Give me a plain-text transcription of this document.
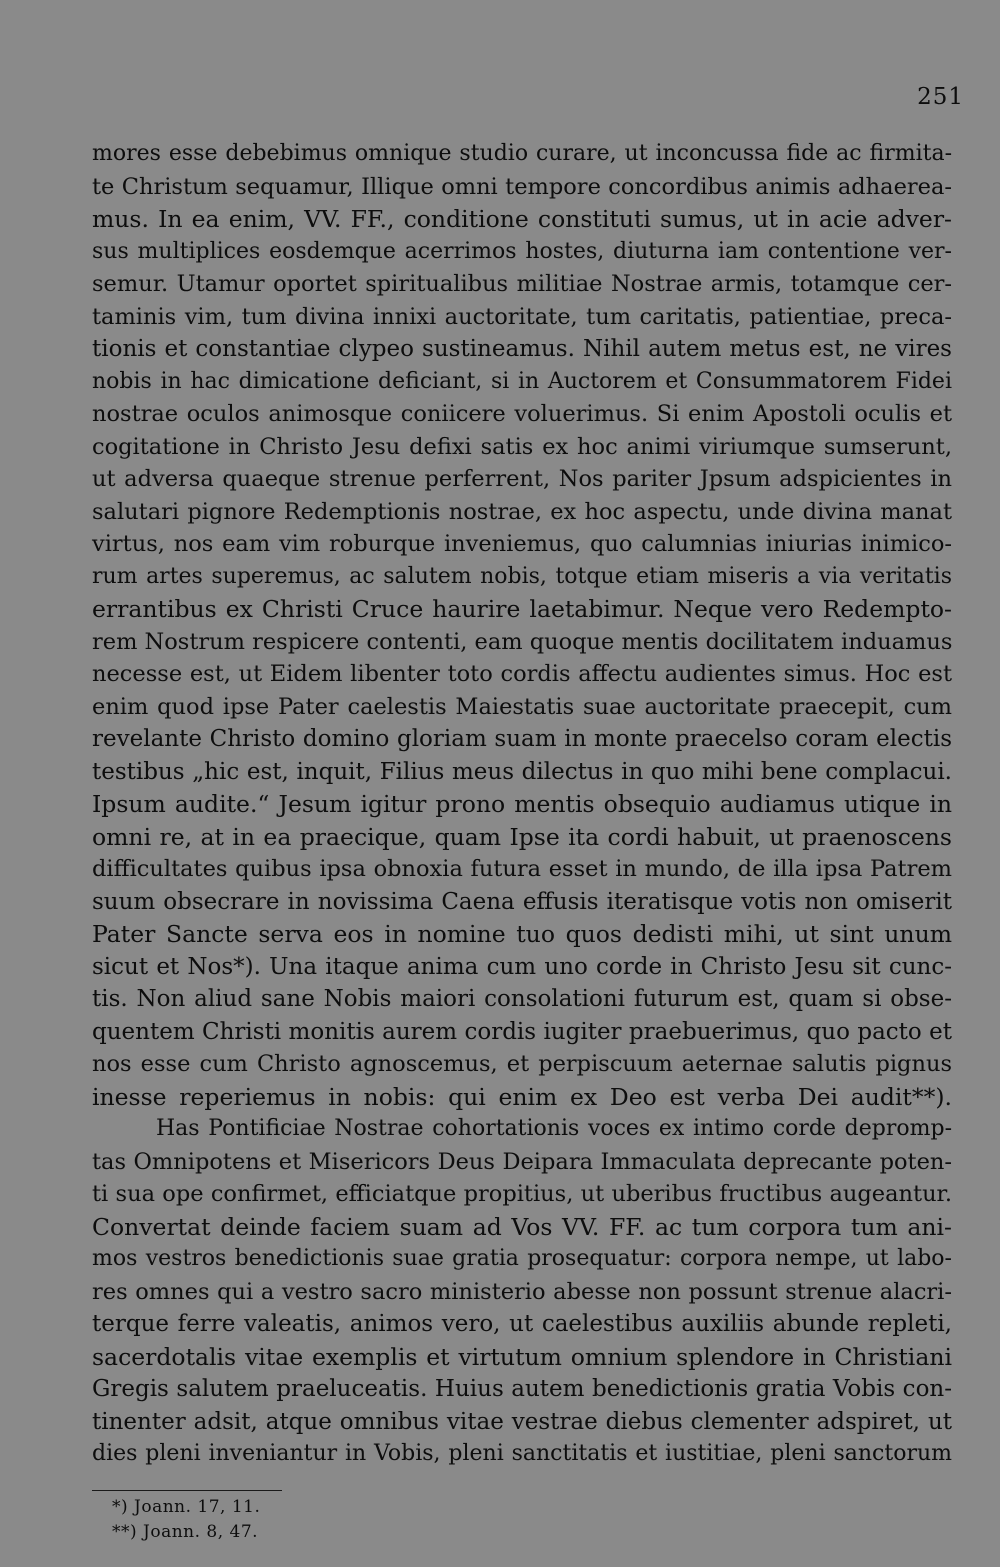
251
mores esse debebimus omnique studio curare, ut inconcussa fide ac firmita-
te Christum sequamur, Illique omni tempore concordibus animis adhaerea-
mus. In ea enim, VV. FF., conditione constituti sumus, ut in acie adver-
sus multiplices eosdemque acerrimos hostes, diuturna iam contentione ver-
semur. Utamur oportet spiritualibus militiae Nostrae armis, totamque cer-
taminis vim, tum divina innixi auctoritate, tum caritatis, patientiae, preca-
tionis et constantiae clypeo sustineamus. Nihil autem metus est, ne vires
nobis in hac dimicatione deficiant, si in Auctorem et Consummatorem Fidei
nostrae oculos animosque coniicere voluerimus. Si enim Apostoli oculis et
cogitatione in Christo Jesu defixi satis ex hoc animi viriumque sumserunt,
ut adversa quaeque strenue perferrent, Nos pariter Jpsum adspicientes in
salutari pignore Redemptionis nostrae, ex hoc aspectu, unde divina manat
virtus, nos eam vim roburque inveniemus, quo calumnias iniurias inimico-
rum artes superemus, ac salutem nobis, totque etiam miseris a via veritatis
errantibus ex Christi Cruce haurire laetabimur. Neque vero Redempto-
rem Nostrum respicere contenti, eam quoque mentis docilitatem induamus
necesse est, ut Eidem libenter toto cordis affectu audientes simus. Hoc est
enim quod ipse Pater caelestis Maiestatis suae auctoritate praecepit, cum
revelante Christo domino gloriam suam in monte praecelso coram electis
testibus „hic est, inquit, Filius meus dilectus in quo mihi bene complacui.
Ipsum audite.“ Jesum igitur prono mentis obsequio audiamus utique in
omni re, at in ea praecique, quam Ipse ita cordi habuit, ut praenoscens
difficultates quibus ipsa obnoxia futura esset in mundo, de illa ipsa Patrem
suum obsecrare in novissima Caena effusis iteratisque votis non omiserit
Pater Sancte serva eos in nomine tuo quos dedisti mihi, ut sint unum
sicut et Nos*). Una itaque anima cum uno corde in Christo Jesu sit cunc-
tis. Non aliud sane Nobis maiori consolationi futurum est, quam si obse-
quentem Christi monitis aurem cordis iugiter praebuerimus, quo pacto et
nos esse cum Christo agnoscemus, et perpiscuum aeternae salutis pignus
inesse reperiemus in nobis: qui enim ex Deo est verba Dei audit**).
Has Pontificiae Nostrae cohortationis voces ex intimo corde depromp-
tas Omnipotens et Misericors Deus Deipara Immaculata deprecante poten-
ti sua ope confirmet, efficiatque propitius, ut uberibus fructibus augeantur.
Convertat deinde faciem suam ad Vos VV. FF. ac tum corpora tum ani-
mos vestros benedictionis suae gratia prosequatur: corpora nempe, ut labo-
res omnes qui a vestro sacro ministerio abesse non possunt strenue alacri-
terque ferre valeatis, animos vero, ut caelestibus auxiliis abunde repleti,
sacerdotalis vitae exemplis et virtutum omnium splendore in Christiani
Gregis salutem praeluceatis. Huius autem benedictionis gratia Vobis con-
tinenter adsit, atque omnibus vitae vestrae diebus clementer adspiret, ut
dies pleni inveniantur in Vobis, pleni sanctitatis et iustitiae, pleni sanctorum
*) Joann. 17, 11.
**) Joann. 8, 47.
